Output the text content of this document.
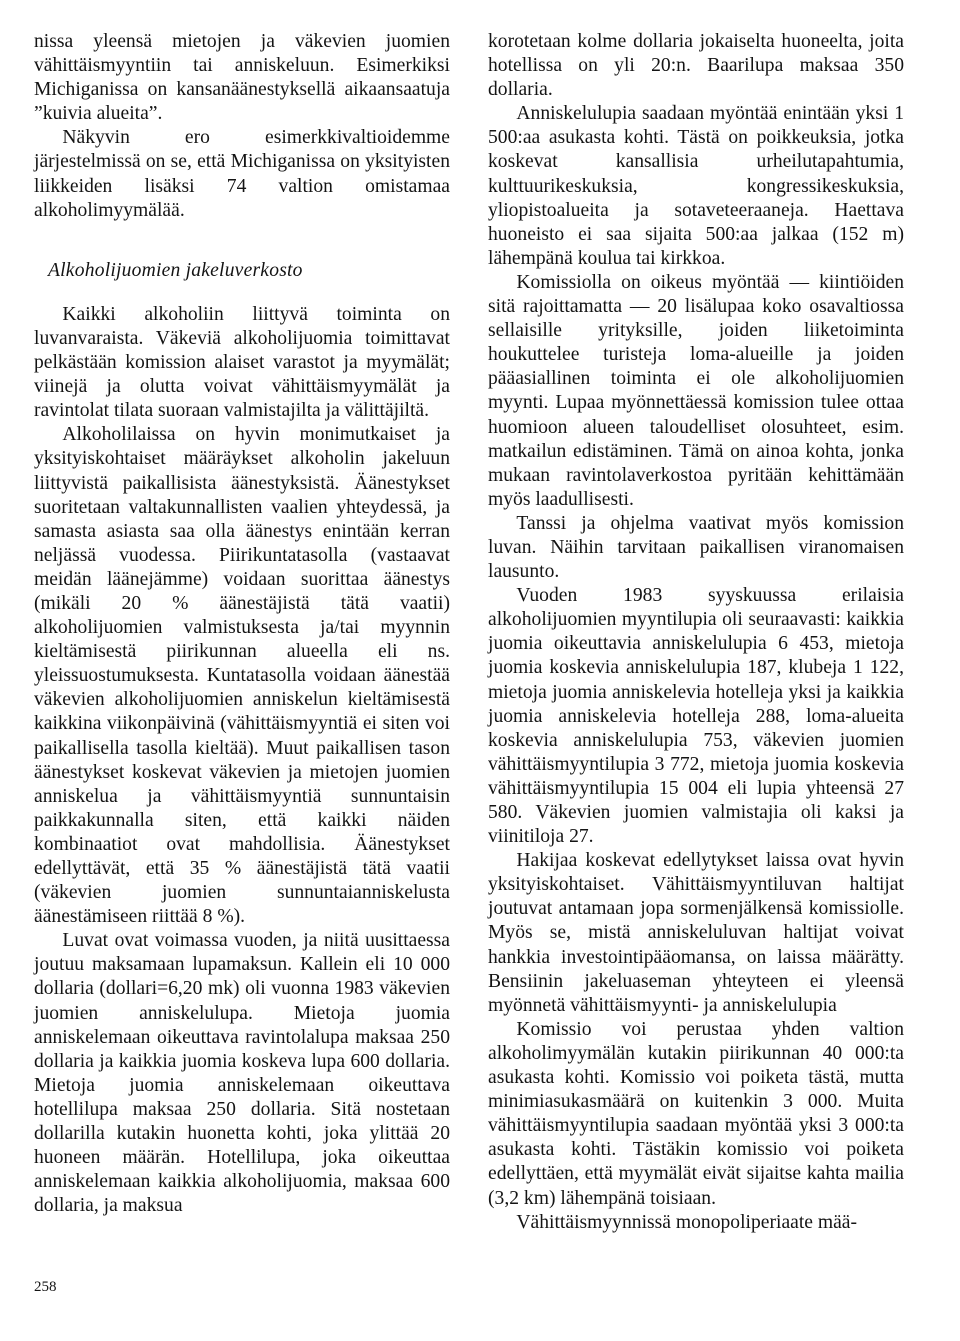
nissa yleensä mietojen ja väkevien juomien vähittäismyyntiin tai anniskeluun. Esimerkiksi Michiganissa on kansanäänestyksellä aikaansaatuja ”kuivia alueita”.

Näkyvin ero esimerkkivaltioidemme järjestelmissä on se, että Michiganissa on yksityisten liikkeiden lisäksi 74 valtion omistamaa alkoholimyymälää.

Alkoholijuomien jakeluverkosto

Kaikki alkoholiin liittyvä toiminta on luvanvaraista. Väkeviä alkoholijuomia toimittavat pelkästään komission alaiset varastot ja myymälät; viinejä ja olutta voivat vähittäismyymälät ja ravintolat tilata suoraan valmistajilta ja välittäjiltä.

Alkoholilaissa on hyvin monimutkaiset ja yksityiskohtaiset määräykset alkoholin jakeluun liittyvistä paikallisista äänestyksistä. Äänestykset suoritetaan valtakunnallisten vaalien yhteydessä, ja samasta asiasta saa olla äänestys enintään kerran neljässä vuodessa. Piirikuntatasolla (vastaavat meidän läänejämme) voidaan suorittaa äänestys (mikäli 20 % äänestäjistä tätä vaatii) alkoholijuomien valmistuksesta ja/tai myynnin kieltämisestä piirikunnan alueella eli ns. yleissuostumuksesta. Kuntatasolla voidaan äänestää väkevien alkoholijuomien anniskelun kieltämisestä kaikkina viikonpäivinä (vähittäismyyntiä ei siten voi paikallisella tasolla kieltää). Muut paikallisen tason äänestykset koskevat väkevien ja mietojen juomien anniskelua ja vähittäismyyntiä sunnuntaisin paikkakunnalla siten, että kaikki näiden kombinaatiot ovat mahdollisia. Äänestykset edellyttävät, että 35 % äänestäjistä tätä vaatii (väkevien juomien sunnuntaianniskelusta äänestämiseen riittää 8 %).

Luvat ovat voimassa vuoden, ja niitä uusittaessa joutuu maksamaan lupamaksun. Kallein eli 10 000 dollaria (dollari=6,20 mk) oli vuonna 1983 väkevien juomien anniskelulupa. Mietoja juomia anniskelemaan oikeuttava ravintolalupa maksaa 250 dollaria ja kaikkia juomia koskeva lupa 600 dollaria. Mietoja juomia anniskelemaan oikeuttava hotellilupa maksaa 250 dollaria. Sitä nostetaan dollarilla kutakin huonetta kohti, joka ylittää 20 huoneen määrän. Hotellilupa, joka oikeuttaa anniskelemaan kaikkia alkoholijuomia, maksaa 600 dollaria, ja maksua

korotetaan kolme dollaria jokaiselta huoneelta, joita hotellissa on yli 20:n. Baarilupa maksaa 350 dollaria.

Anniskelulupia saadaan myöntää enintään yksi 1 500:aa asukasta kohti. Tästä on poikkeuksia, jotka koskevat kansallisia urheilutapahtumia, kulttuurikeskuksia, kongressikeskuksia, yliopistoalueita ja sotaveteeraaneja. Haettava huoneisto ei saa sijaita 500:aa jalkaa (152 m) lähempänä koulua tai kirkkoa.

Komissiolla on oikeus myöntää — kiintiöiden sitä rajoittamatta — 20 lisälupaa koko osavaltiossa sellaisille yrityksille, joiden liiketoiminta houkuttelee turisteja loma-alueille ja joiden pääasiallinen toiminta ei ole alkoholijuomien myynti. Lupaa myönnettäessä komission tulee ottaa huomioon alueen taloudelliset olosuhteet, esim. matkailun edistäminen. Tämä on ainoa kohta, jonka mukaan ravintolaverkostoa pyritään kehittämään myös laadullisesti.

Tanssi ja ohjelma vaativat myös komission luvan. Näihin tarvitaan paikallisen viranomaisen lausunto.

Vuoden 1983 syyskuussa erilaisia alkoholijuomien myyntilupia oli seuraavasti: kaikkia juomia oikeuttavia anniskelulupia 6 453, mietoja juomia koskevia anniskelulupia 187, klubeja 1 122, mietoja juomia anniskelevia hotelleja yksi ja kaikkia juomia anniskelevia hotelleja 288, loma-alueita koskevia anniskelulupia 753, väkevien juomien vähittäismyyntilupia 3 772, mietoja juomia koskevia vähittäismyyntilupia 15 004 eli lupia yhteensä 27 580. Väkevien juomien valmistajia oli kaksi ja viinitiloja 27.

Hakijaa koskevat edellytykset laissa ovat hyvin yksityiskohtaiset. Vähittäismyyntiluvan haltijat joutuvat antamaan jopa sormenjälkensä komissiolle. Myös se, mistä anniskeluluvan haltijat voivat hankkia investointipääomansa, on laissa määrätty. Bensiinin jakeluaseman yhteyteen ei yleensä myönnetä vähittäismyynti- ja anniskelulupia

Komissio voi perustaa yhden valtion alkoholimyymälän kutakin piirikunnan 40 000:ta asukasta kohti. Komissio voi poiketa tästä, mutta minimiasukasmäärä on kuitenkin 3 000. Muita vähittäismyyntilupia saadaan myöntää yksi 3 000:ta asukasta kohti. Tästäkin komissio voi poiketa edellyttäen, että myymälät eivät sijaitse kahta mailia (3,2 km) lähempänä toisiaan.

Vähittäismyynnissä monopoliperiaate mää-

258
